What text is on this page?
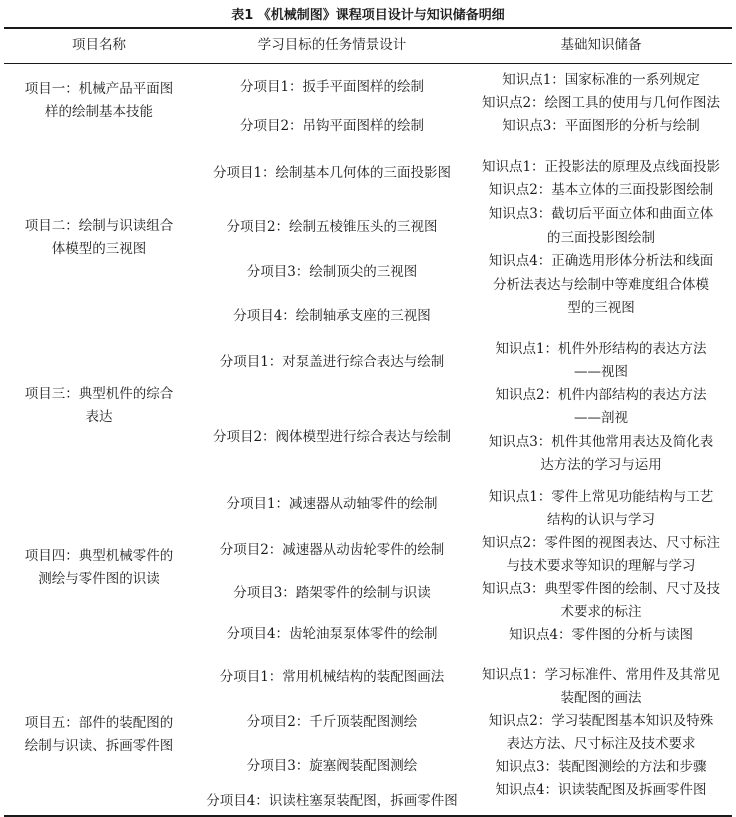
表1 《机械制图》课程项目设计与知识储备明细
项目名称	学习目标的任务情景设计	基础知识储备
项目一：机械产品平面图
样的绘制基本技能
分项目1：扳手平面图样的绘制
分项目2：吊钩平面图样的绘制
知识点1：国家标准的一系列规定
知识点2：绘图工具的使用与几何作图法
知识点3：平面图形的分析与绘制
项目二：绘制与识读组合
体模型的三视图
分项目1：绘制基本几何体的三面投影图
分项目2：绘制五棱锥压头的三视图
分项目3：绘制顶尖的三视图
分项目4：绘制轴承支座的三视图
知识点1：正投影法的原理及点线面投影
知识点2：基本立体的三面投影图绘制
知识点3：截切后平面立体和曲面立体
的三面投影图绘制
知识点4：正确选用形体分析法和线面
分析法表达与绘制中等难度组合体模
型的三视图
项目三：典型机件的综合
表达
分项目1：对泵盖进行综合表达与绘制
分项目2：阀体模型进行综合表达与绘制
知识点1：机件外形结构的表达方法
——视图
知识点2：机件内部结构的表达方法
——剖视
知识点3：机件其他常用表达及简化表
达方法的学习与运用
项目四：典型机械零件的
测绘与零件图的识读
分项目1：减速器从动轴零件的绘制
分项目2：减速器从动齿轮零件的绘制
分项目3：踏架零件的绘制与识读
分项目4：齿轮油泵泵体零件的绘制
知识点1：零件上常见功能结构与工艺
结构的认识与学习
知识点2：零件图的视图表达、尺寸标注
与技术要求等知识的理解与学习
知识点3：典型零件图的绘制、尺寸及技
术要求的标注
知识点4：零件图的分析与读图
项目五：部件的装配图的
绘制与识读、拆画零件图
分项目1：常用机械结构的装配图画法
分项目2：千斤顶装配图测绘
分项目3：旋塞阀装配图测绘
分项目4：识读柱塞泵装配图，拆画零件图
知识点1：学习标准件、常用件及其常见
装配图的画法
知识点2：学习装配图基本知识及特殊
表达方法、尺寸标注及技术要求
知识点3：装配图测绘的方法和步骤
知识点4：识读装配图及拆画零件图
